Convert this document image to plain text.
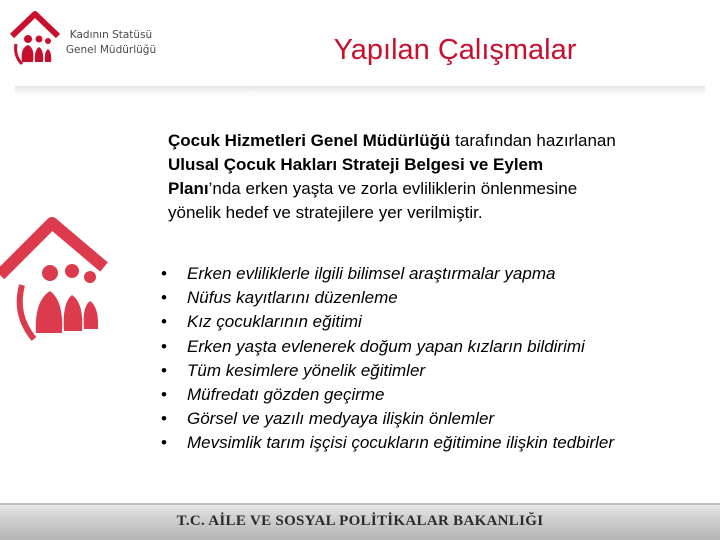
Kadının Statüsü
Genel Müdürlüğü	Yapılan Çalışmalar
Çocuk Hizmetleri Genel Müdürlüğü tarafından hazırlanan
Ulusal Çocuk Hakları Strateji Belgesi ve Eylem
Planı’nda erken yaşta ve zorla evliliklerin önlenmesine
yönelik hedef ve stratejilere yer verilmiştir.
• Erken evliliklerle ilgili bilimsel araştırmalar yapma
• Nüfus kayıtlarını düzenleme
• Kız çocuklarının eğitimi
• Erken yaşta evlenerek doğum yapan kızların bildirimi
• Tüm kesimlere yönelik eğitimler
• Müfredatı gözden geçirme
• Görsel ve yazılı medyaya ilişkin önlemler
• Mevsimlik tarım işçisi çocukların eğitimine ilişkin tedbirler
T.C. AİLE VE SOSYAL POLİTİKALAR BAKANLIĞI
